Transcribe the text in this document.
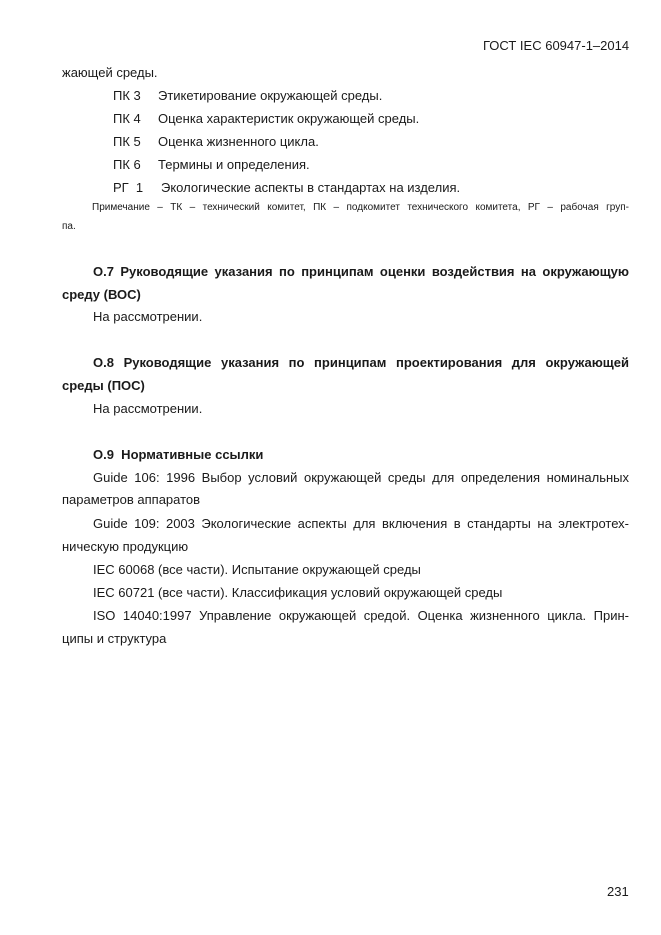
ГОСТ IEC 60947-1–2014
жающей среды.
ПК 3 Этикетирование окружающей среды.
ПК 4 Оценка характеристик окружающей среды.
ПК 5 Оценка жизненного цикла.
ПК 6 Термины и определения.
РГ  1 Экологические аспекты в стандартах на изделия.
Примечание – ТК – технический комитет, ПК – подкомитет технического комитета, РГ – рабочая груп-
па.
О.7 Руководящие указания по принципам оценки воздействия на окружающую
среду (ВОС)
На рассмотрении.
О.8 Руководящие указания по принципам проектирования для окружающей
среды (ПОС)
На рассмотрении.
О.9  Нормативные ссылки
Guide 106: 1996 Выбор условий окружающей среды для определения номинальных
параметров аппаратов
Guide 109: 2003 Экологические аспекты для включения в стандарты на электротех-
ническую продукцию
IEC 60068 (все части). Испытание окружающей среды
IEC 60721 (все части). Классификация условий окружающей среды
ISO 14040:1997 Управление окружающей средой. Оценка жизненного цикла. Прин-
ципы и структура
231
